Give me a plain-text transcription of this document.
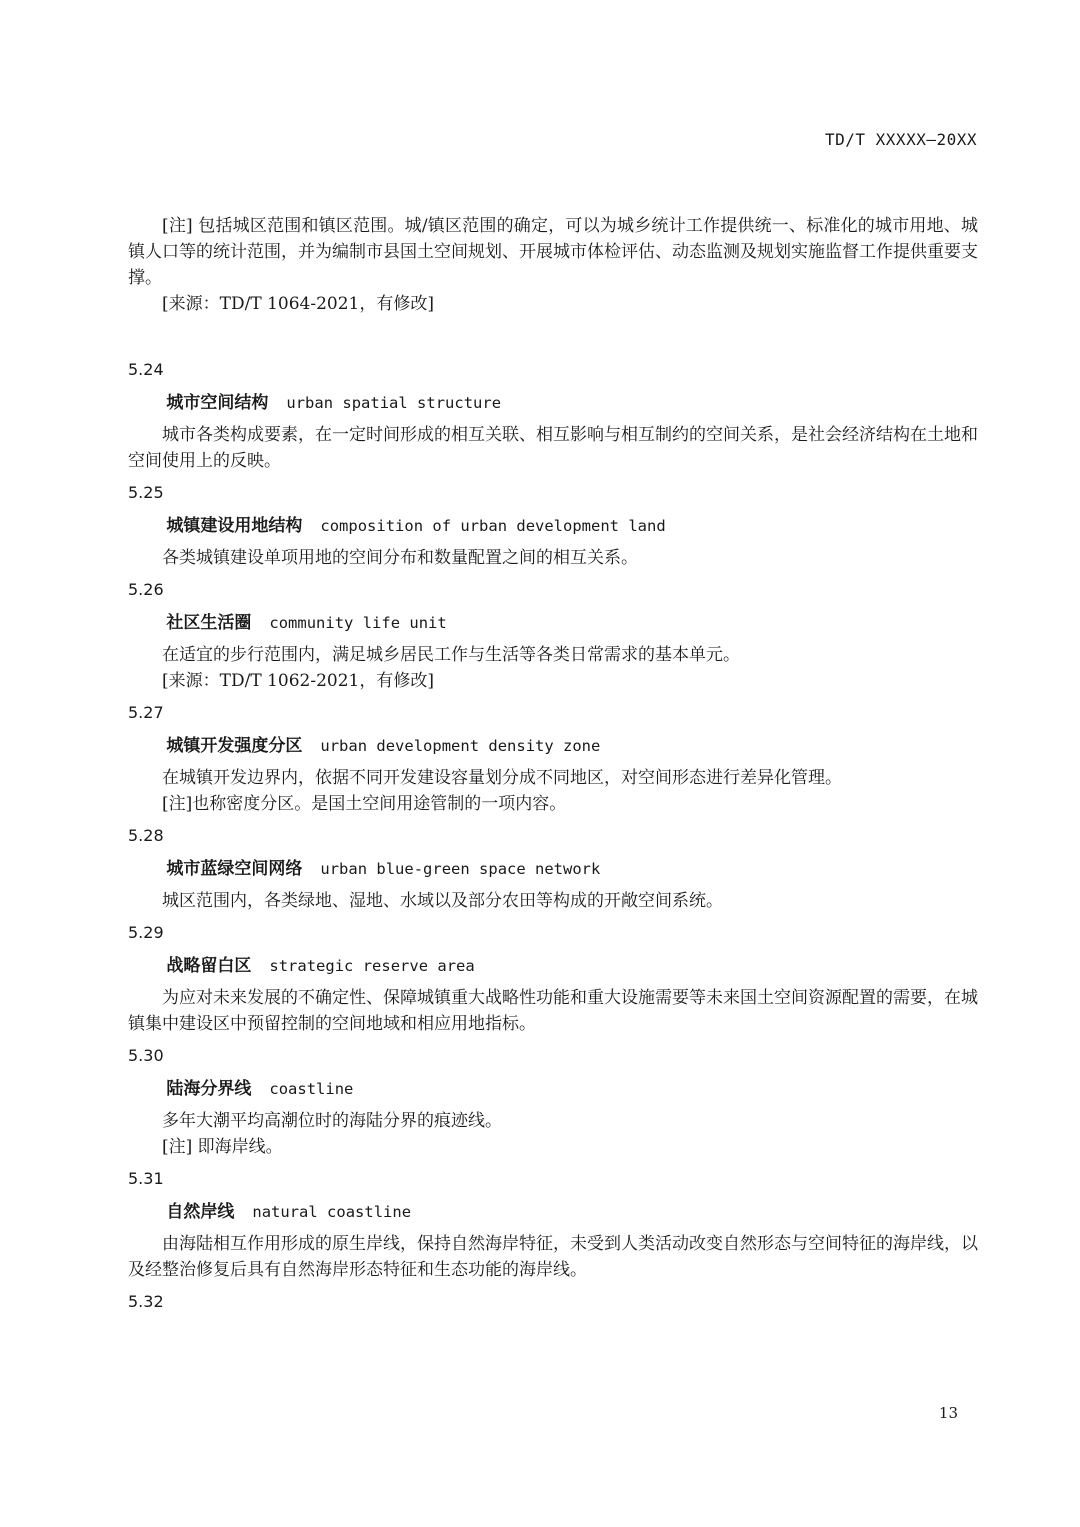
TD/T XXXXX—20XX

[注] 包括城区范围和镇区范围。城/镇区范围的确定，可以为城乡统计工作提供统一、标准化的城市用地、城镇人口等的统计范围，并为编制市县国土空间规划、开展城市体检评估、动态监测及规划实施监督工作提供重要支撑。

[来源：TD/T 1064-2021，有修改]

5.24
城市空间结构 urban spatial structure

城市各类构成要素，在一定时间形成的相互关联、相互影响与相互制约的空间关系，是社会经济结构在土地和空间使用上的反映。

5.25
城镇建设用地结构 composition of urban development land

各类城镇建设单项用地的空间分布和数量配置之间的相互关系。

5.26
社区生活圈 community life unit

在适宜的步行范围内，满足城乡居民工作与生活等各类日常需求的基本单元。

[来源：TD/T 1062-2021，有修改]

5.27
城镇开发强度分区 urban development density zone

在城镇开发边界内，依据不同开发建设容量划分成不同地区，对空间形态进行差异化管理。

[注]也称密度分区。是国土空间用途管制的一项内容。

5.28
城市蓝绿空间网络 urban blue-green space network

城区范围内，各类绿地、湿地、水域以及部分农田等构成的开敞空间系统。

5.29
战略留白区 strategic reserve area

为应对未来发展的不确定性、保障城镇重大战略性功能和重大设施需要等未来国土空间资源配置的需要，在城镇集中建设区中预留控制的空间地域和相应用地指标。

5.30
陆海分界线 coastline

多年大潮平均高潮位时的海陆分界的痕迹线。

[注] 即海岸线。

5.31
自然岸线 natural coastline

由海陆相互作用形成的原生岸线，保持自然海岸特征，未受到人类活动改变自然形态与空间特征的海岸线，以及经整治修复后具有自然海岸形态特征和生态功能的海岸线。

5.32
13
